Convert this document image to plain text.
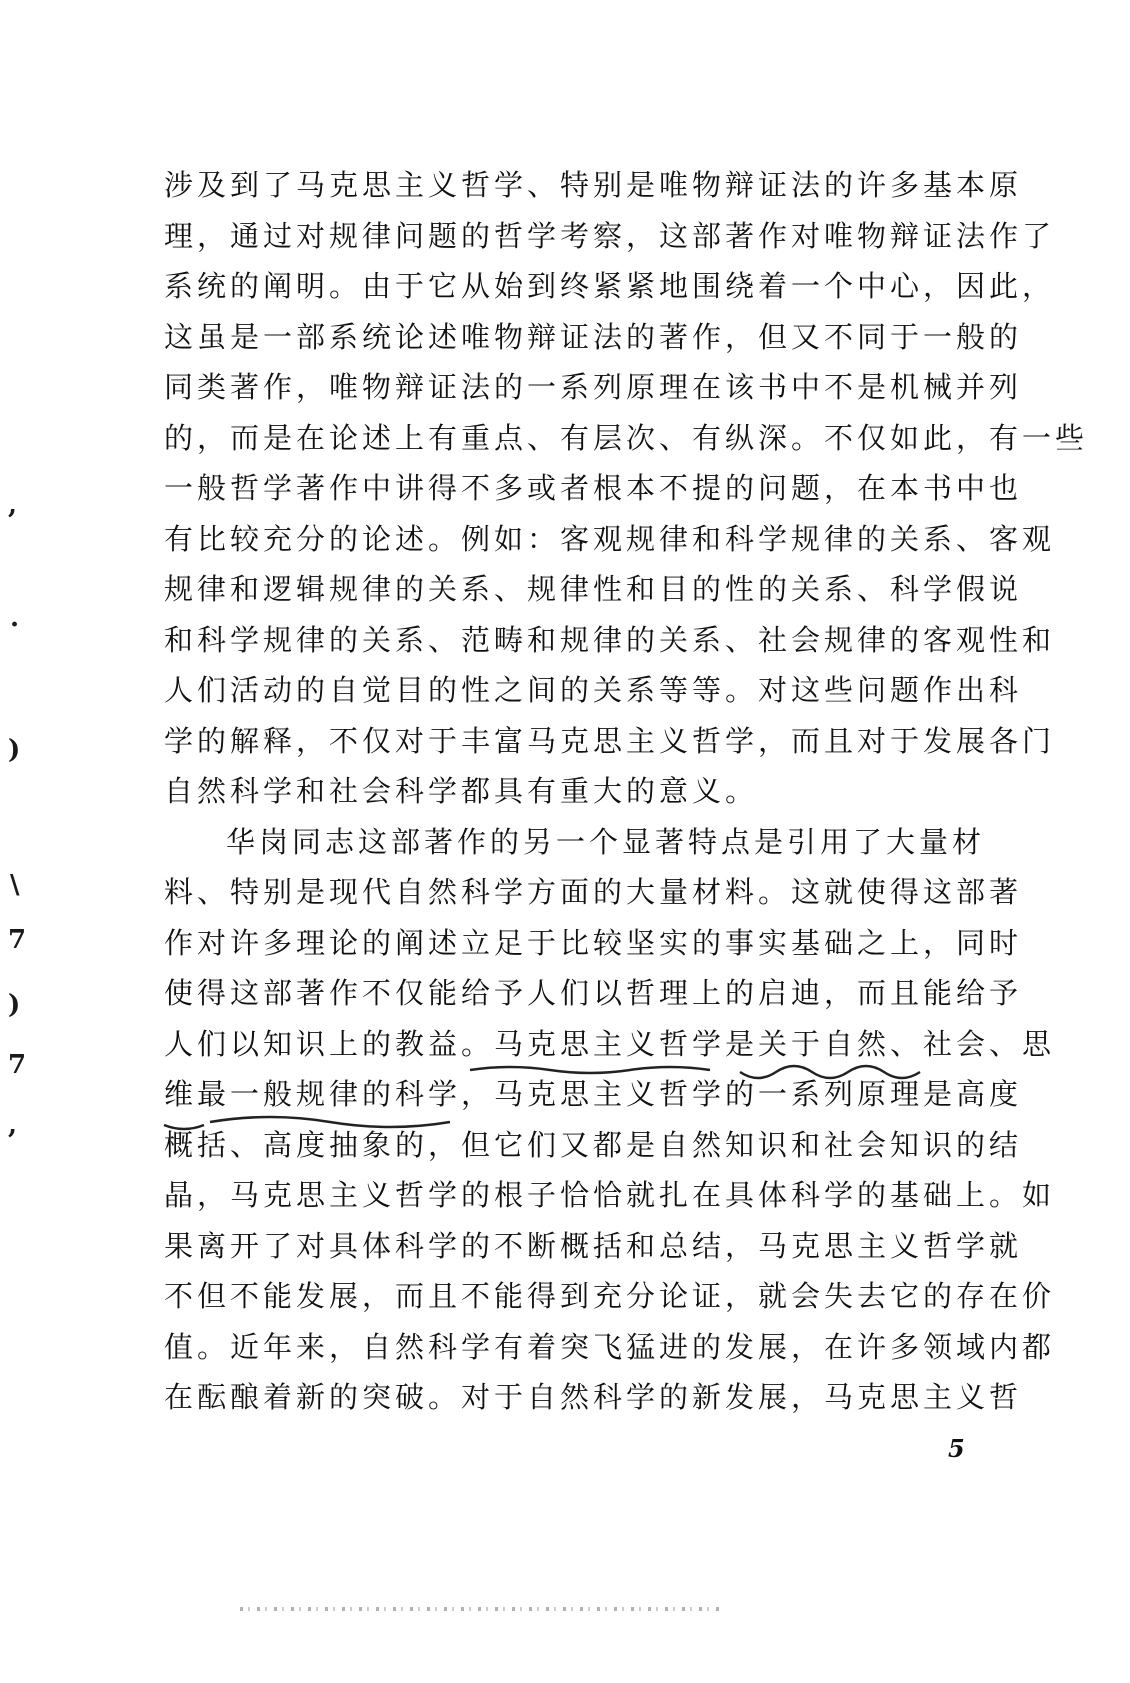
涉及到了马克思主义哲学、特别是唯物辩证法的许多基本原
理，通过对规律问题的哲学考察，这部著作对唯物辩证法作了
系统的阐明。由于它从始到终紧紧地围绕着一个中心，因此，
这虽是一部系统论述唯物辩证法的著作，但又不同于一般的
同类著作，唯物辩证法的一系列原理在该书中不是机械并列
的，而是在论述上有重点、有层次、有纵深。不仅如此，有一些
一般哲学著作中讲得不多或者根本不提的问题，在本书中也
有比较充分的论述。例如：客观规律和科学规律的关系、客观
规律和逻辑规律的关系、规律性和目的性的关系、科学假说
和科学规律的关系、范畴和规律的关系、社会规律的客观性和
人们活动的自觉目的性之间的关系等等。对这些问题作出科
学的解释，不仅对于丰富马克思主义哲学，而且对于发展各门
自然科学和社会科学都具有重大的意义。
华岗同志这部著作的另一个显著特点是引用了大量材
料、特别是现代自然科学方面的大量材料。这就使得这部著
作对许多理论的阐述立足于比较坚实的事实基础之上，同时
使得这部著作不仅能给予人们以哲理上的启迪，而且能给予
人们以知识上的教益。马克思主义哲学是关于自然、社会、思
维最一般规律的科学，马克思主义哲学的一系列原理是高度
概括、高度抽象的，但它们又都是自然知识和社会知识的结
晶，马克思主义哲学的根子恰恰就扎在具体科学的基础上。如
果离开了对具体科学的不断概括和总结，马克思主义哲学就
不但不能发展，而且不能得到充分论证，就会失去它的存在价
值。近年来，自然科学有着突飞猛进的发展，在许多领域内都
在酝酿着新的突破。对于自然科学的新发展，马克思主义哲
,
·
)
\
7
)
7
,
5
